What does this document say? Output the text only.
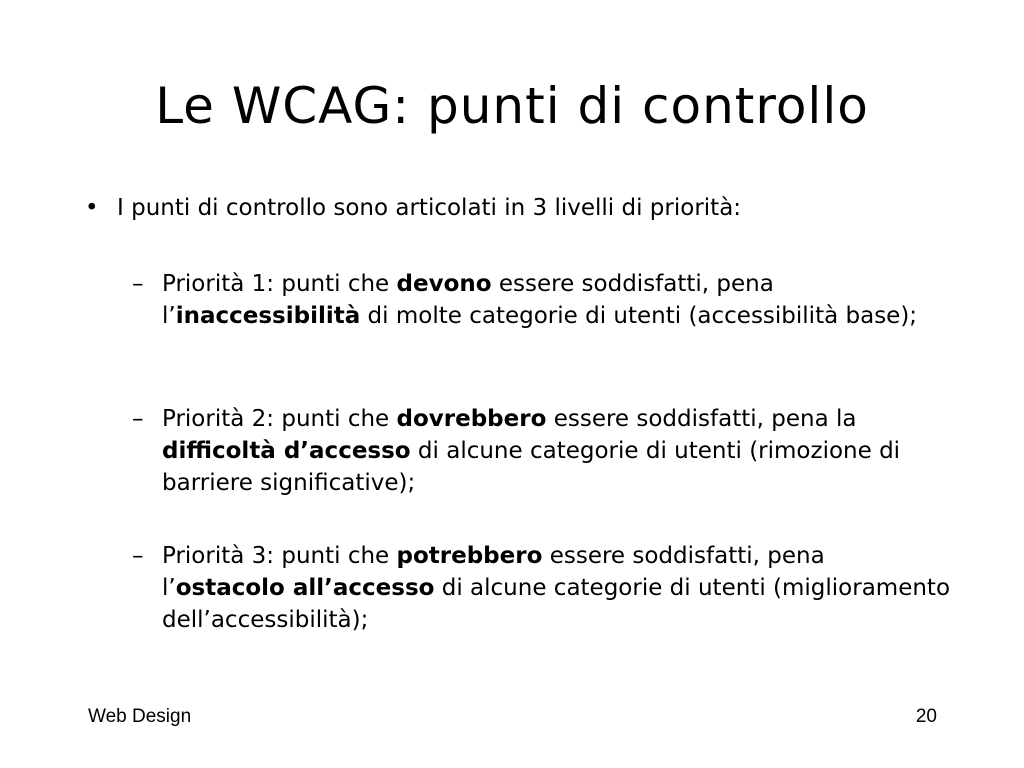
Le WCAG: punti di controllo
• I punti di controllo sono articolati in 3 livelli di priorità:
– Priorità 1: punti che devono essere soddisfatti, pena l’inaccessibilità di molte categorie di utenti (accessibilità base);
– Priorità 2: punti che dovrebbero essere soddisfatti, pena la difficoltà d’accesso di alcune categorie di utenti (rimozione di barriere significative);
– Priorità 3: punti che potrebbero essere soddisfatti, pena l’ostacolo all’accesso di alcune categorie di utenti (miglioramento dell’accessibilità);
Web Design	20
